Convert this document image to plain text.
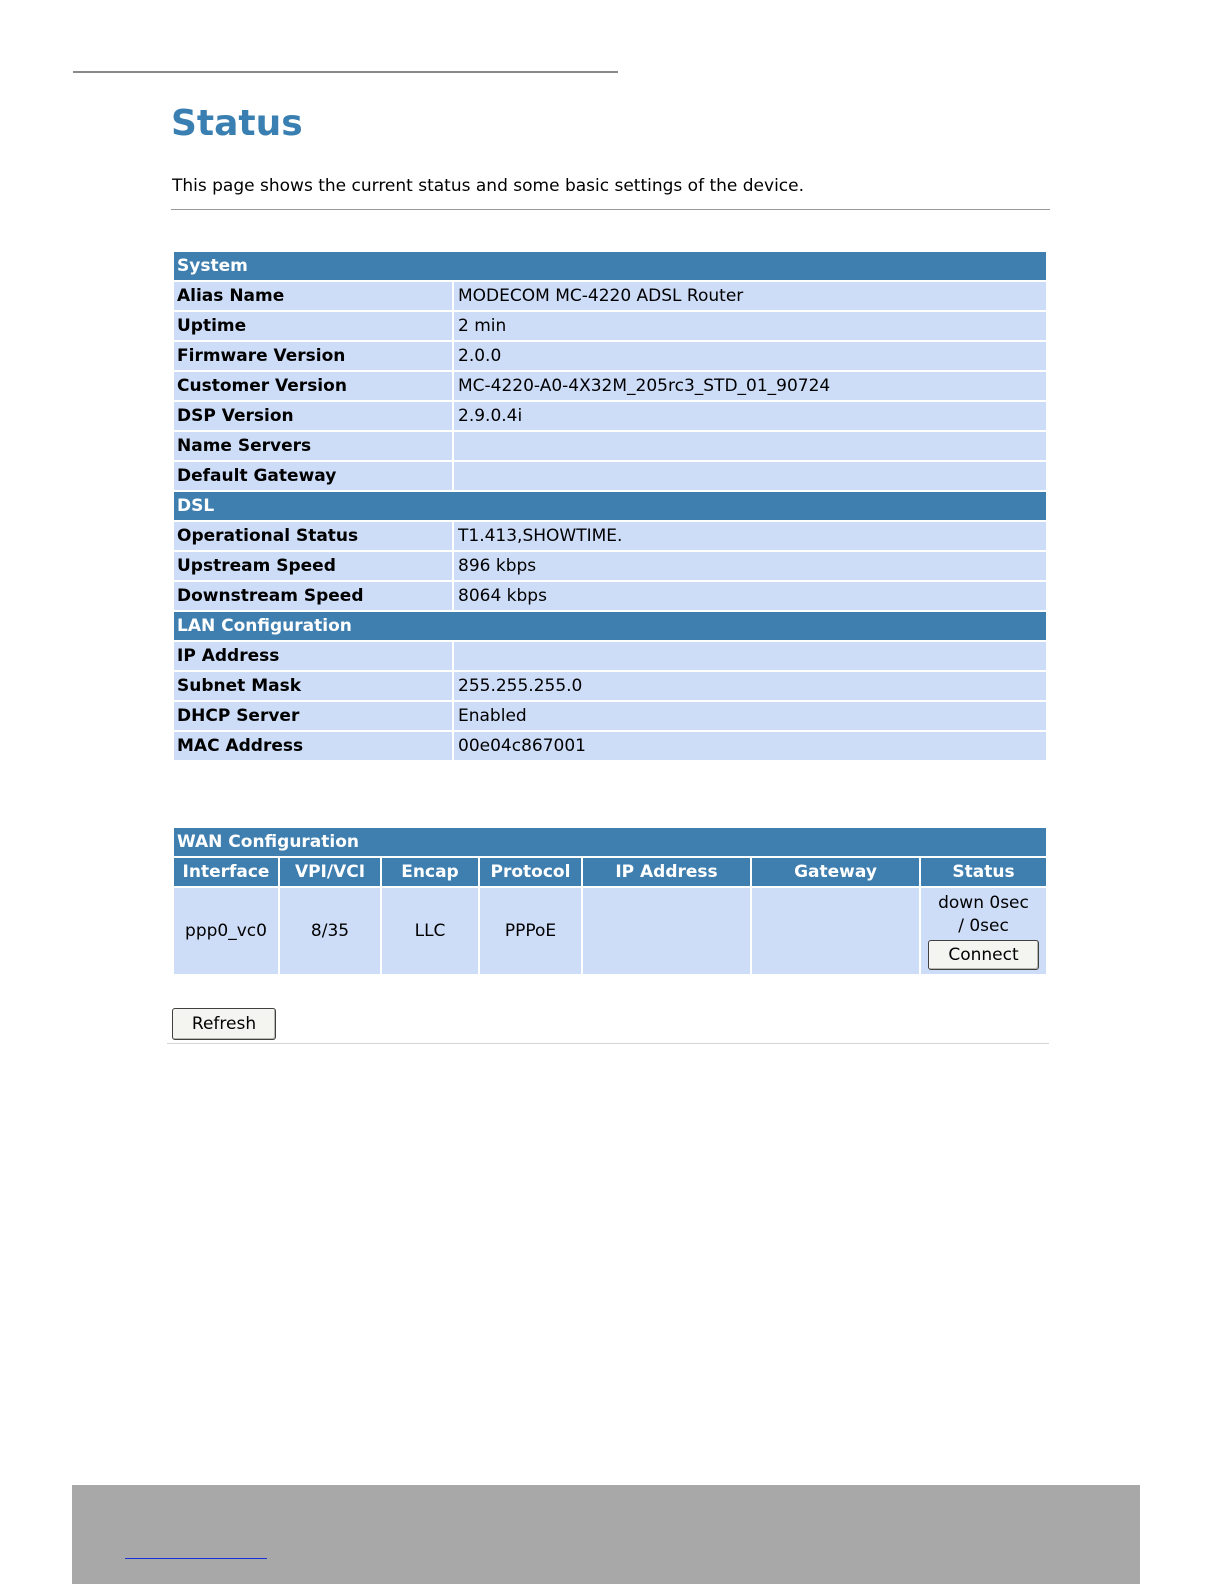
Status

This page shows the current status and some basic settings of the device.

System	
Alias Name	MODECOM MC-4220 ADSL Router
Uptime	2 min
Firmware Version	2.0.0
Customer Version	MC-4220-A0-4X32M_205rc3_STD_01_90724
DSP Version	2.9.0.4i
Name Servers	
Default Gateway	
DSL	
Operational Status	T1.413,SHOWTIME.
Upstream Speed	896 kbps
Downstream Speed	8064 kbps
LAN Configuration	
IP Address	
Subnet Mask	255.255.255.0
DHCP Server	Enabled
MAC Address	00e04c867001
WAN Configuration						
Interface	VPI/VCI	Encap	Protocol	IP Address	Gateway	Status
ppp0_vc0	8/35	LLC	PPPoE			down 0sec
/ 0sec
Connect
Refresh
